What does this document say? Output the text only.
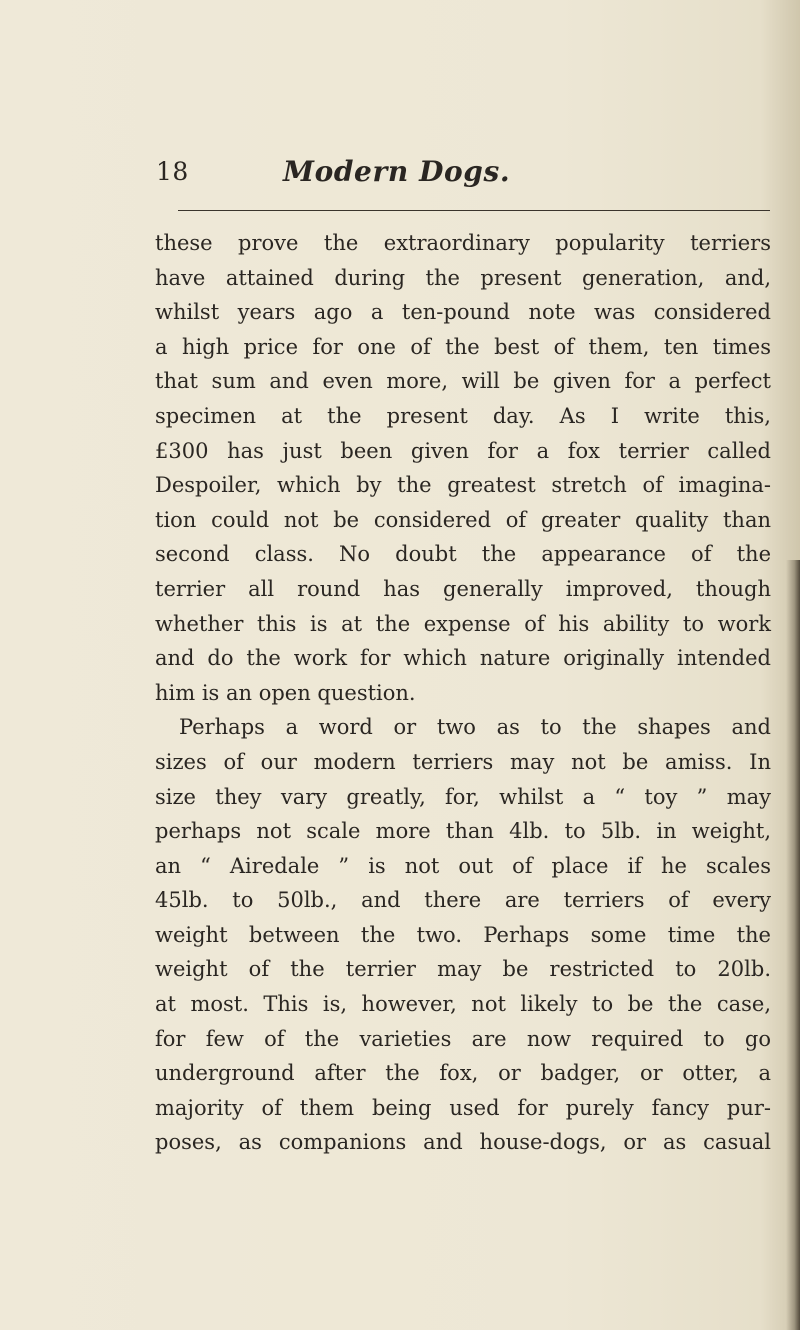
18	Modern Dogs.
these prove the extraordinary popularity terriers
have attained during the present generation, and,
whilst years ago a ten-pound note was considered
a high price for one of the best of them, ten times
that sum and even more, will be given for a perfect
specimen at the present day. As I write this,
£300 has just been given for a fox terrier called
Despoiler, which by the greatest stretch of imagina-
tion could not be considered of greater quality than
second class. No doubt the appearance of the
terrier all round has generally improved, though
whether this is at the expense of his ability to work
and do the work for which nature originally intended
him is an open question.
Perhaps a word or two as to the shapes and
sizes of our modern terriers may not be amiss. In
size they vary greatly, for, whilst a “ toy ” may
perhaps not scale more than 4lb. to 5lb. in weight,
an “ Airedale ” is not out of place if he scales
45lb. to 50lb., and there are terriers of every
weight between the two. Perhaps some time the
weight of the terrier may be restricted to 20lb.
at most. This is, however, not likely to be the case,
for few of the varieties are now required to go
underground after the fox, or badger, or otter, a
majority of them being used for purely fancy pur-
poses, as companions and house-dogs, or as casual
